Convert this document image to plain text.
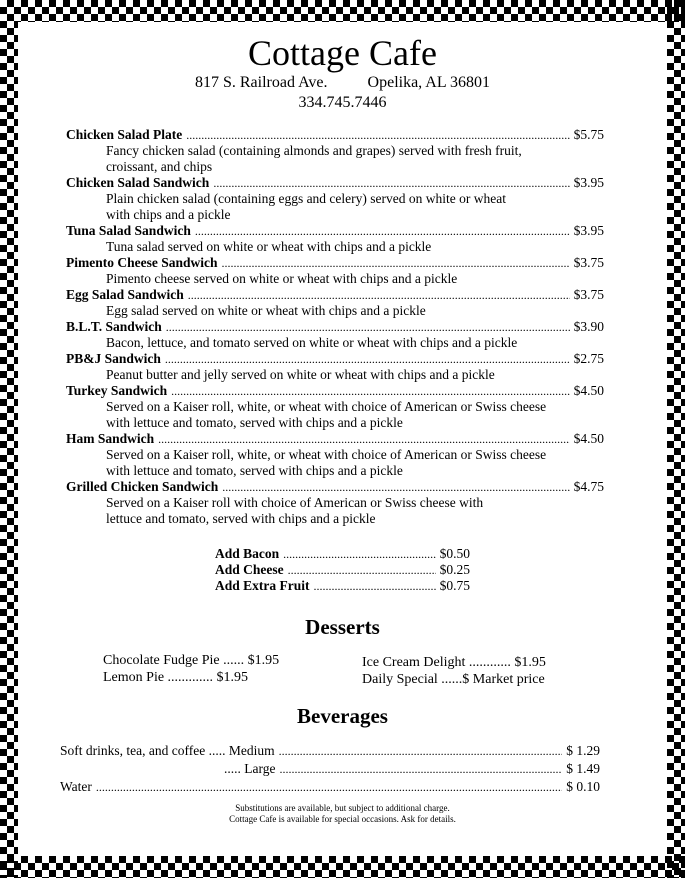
Cottage Cafe
817 S. Railroad Ave.	Opelika, AL 36801
334.745.7446
Chicken Salad Plate .....	$5.75
Fancy chicken salad (containing almonds and grapes) served with fresh fruit,
croissant, and chips
Chicken Salad Sandwich .....	$3.95
Plain chicken salad (containing eggs and celery) served on white or wheat
with chips and a pickle
Tuna Salad Sandwich .....	$3.95
Tuna salad served on white or wheat with chips and a pickle
Pimento Cheese Sandwich .....	$3.75
Pimento cheese served on white or wheat with chips and a pickle
Egg Salad Sandwich .....	$3.75
Egg salad served on white or wheat with chips and a pickle
B.L.T. Sandwich .....	$3.90
Bacon, lettuce, and tomato served on white or wheat with chips and a pickle
PB&J Sandwich .....	$2.75
Peanut butter and jelly served on white or wheat with chips and a pickle
Turkey Sandwich .....	$4.50
Served on a Kaiser roll, white, or wheat with choice of American or Swiss cheese
with lettuce and tomato, served with chips and a pickle
Ham Sandwich .....	$4.50
Served on a Kaiser roll, white, or wheat with choice of American or Swiss cheese
with lettuce and tomato, served with chips and a pickle
Grilled Chicken Sandwich .....	$4.75
Served on a Kaiser roll with choice of American or Swiss cheese with
lettuce and tomato, served with chips and a pickle
Add Bacon .....	$0.50
Add Cheese .....	$0.25
Add Extra Fruit .....	$0.75
Desserts
Chocolate Fudge Pie ...... $1.95
Lemon Pie ............. $1.95
Ice Cream Delight ............ $1.95
Daily Special ......$ Market price
Beverages
Soft drinks, tea, and coffee ..... Medium .....	$ 1.29
..... Large .....	$ 1.49
Water .....	$ 0.10
Substitutions are available, but subject to additional charge.
Cottage Cafe is available for special occasions. Ask for details.
